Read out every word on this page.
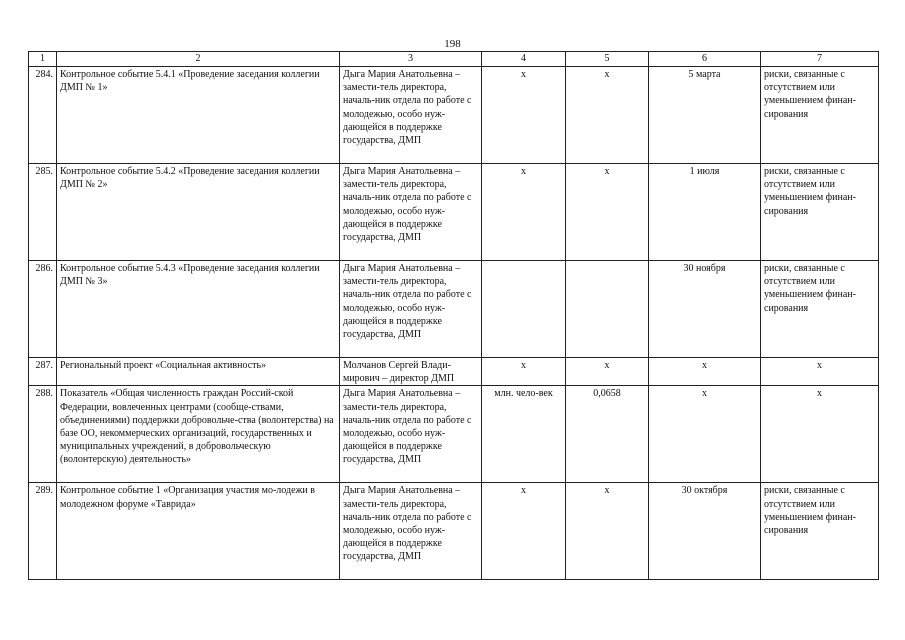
198
1	2	3	4	5	6	7
284.	Контрольное событие 5.4.1 «Проведение заседания коллегии ДМП № 1»	Дыга Мария Анатольевна – замести-тель директора, началь-ник отдела по работе с молодежью, особо нуж-дающейся в поддержке государства, ДМП	x	x	5 марта	риски, связанные с отсутствием или уменьшением финан-сирования
285.	Контрольное событие 5.4.2 «Проведение заседания коллегии ДМП № 2»	Дыга Мария Анатольевна – замести-тель директора, началь-ник отдела по работе с молодежью, особо нуж-дающейся в поддержке государства, ДМП	x	x	1 июля	риски, связанные с отсутствием или уменьшением финан-сирования
286.	Контрольное событие 5.4.3 «Проведение заседания коллегии ДМП № 3»	Дыга Мария Анатольевна – замести-тель директора, началь-ник отдела по работе с молодежью, особо нуж-дающейся в поддержке государства, ДМП			30 ноября	риски, связанные с отсутствием или уменьшением финан-сирования
287.	Региональный проект «Социальная активность»	Молчанов Сергей Влади-мирович – директор ДМП	x	x	x	x
288.	Показатель «Общая численность граждан Россий-ской Федерации, вовлеченных центрами (сообще-ствами, объединениями) поддержки добровольче-ства (волонтерства) на базе ОО, некоммерческих организаций, государственных и муниципальных учреждений, в добровольческую (волонтерскую) деятельность»	Дыга Мария Анатольевна – замести-тель директора, началь-ник отдела по работе с молодежью, особо нуж-дающейся в поддержке государства, ДМП	млн. чело-век	0,0658	x	x
289.	Контрольное событие 1 «Организация участия мо-лодежи в молодежном форуме «Таврида»	Дыга Мария Анатольевна – замести-тель директора, началь-ник отдела по работе с молодежью, особо нуж-дающейся в поддержке государства, ДМП	x	x	30 октября	риски, связанные с отсутствием или уменьшением финан-сирования
